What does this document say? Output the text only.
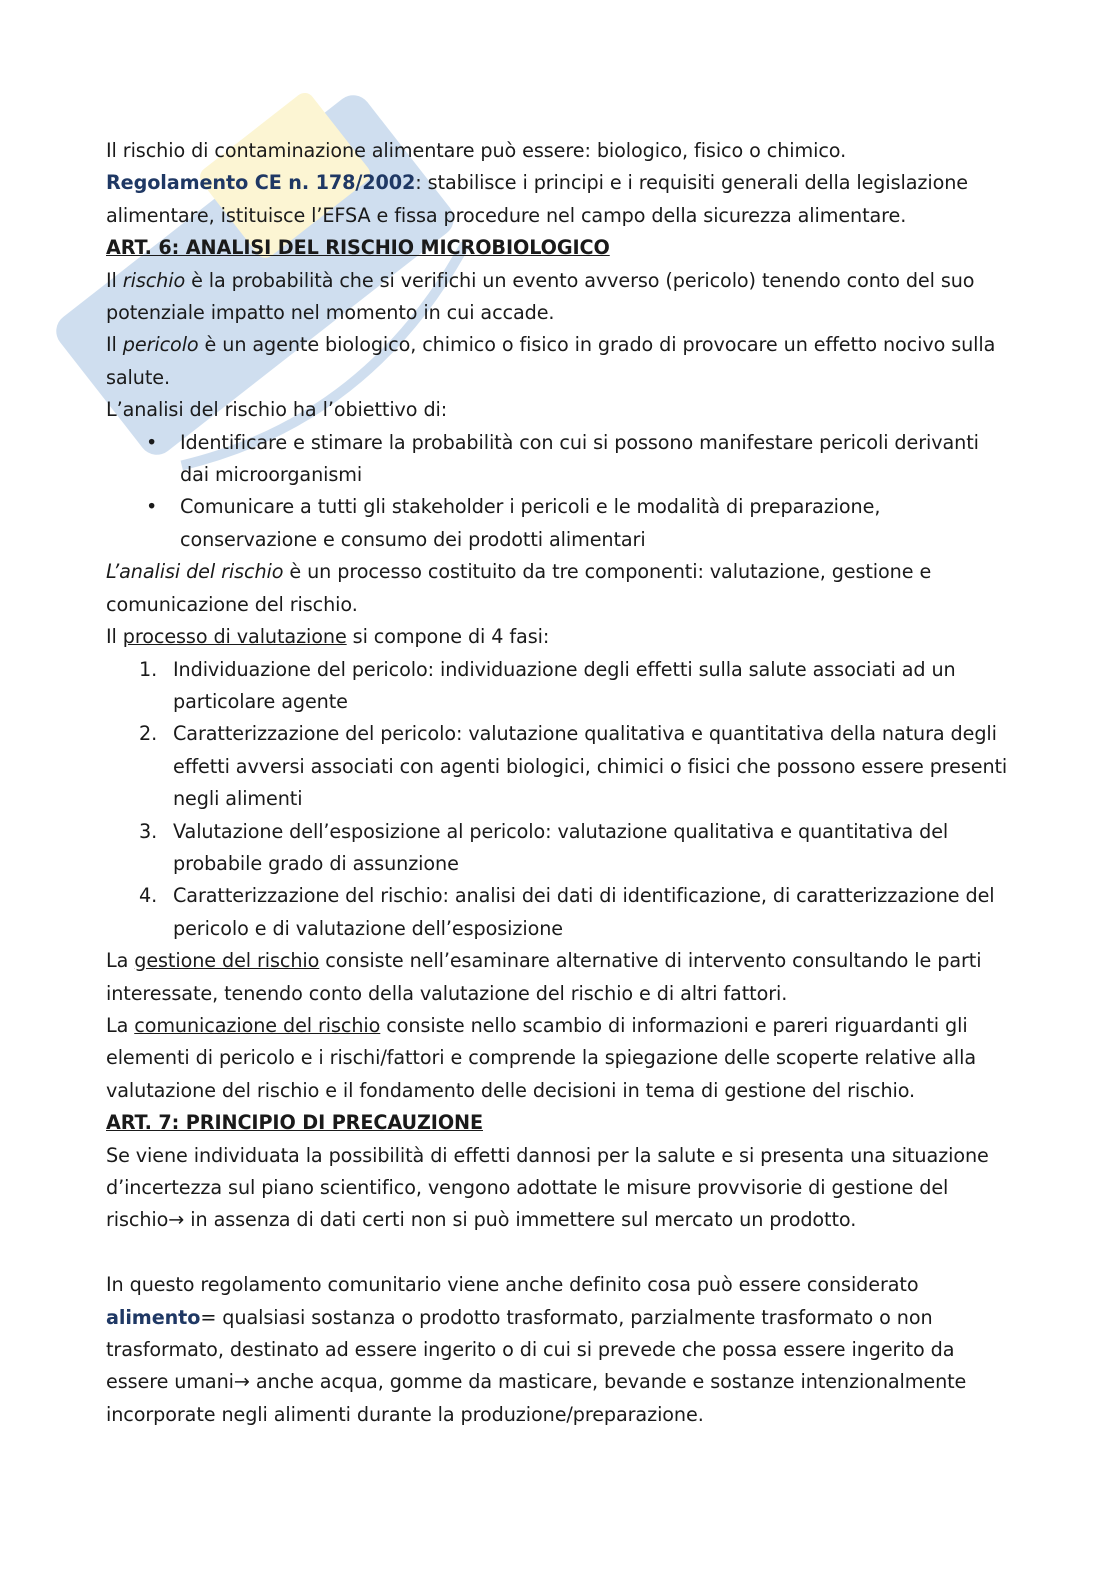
Il rischio di contaminazione alimentare può essere: biologico, fisico o chimico.

Regolamento CE n. 178/2002: stabilisce i principi e i requisiti generali della legislazione alimentare, istituisce l’EFSA e fissa procedure nel campo della sicurezza alimentare.

ART. 6: ANALISI DEL RISCHIO MICROBIOLOGICO

Il rischio è la probabilità che si verifichi un evento avverso (pericolo) tenendo conto del suo potenziale impatto nel momento in cui accade.

Il pericolo è un agente biologico, chimico o fisico in grado di provocare un effetto nocivo sulla salute.

L’analisi del rischio ha l’obiettivo di:

• Identificare e stimare la probabilità con cui si possono manifestare pericoli derivanti dai microorganismi
• Comunicare a tutti gli stakeholder i pericoli e le modalità di preparazione, conservazione e consumo dei prodotti alimentari

L’analisi del rischio è un processo costituito da tre componenti: valutazione, gestione e comunicazione del rischio.

Il processo di valutazione si compone di 4 fasi:

1. Individuazione del pericolo: individuazione degli effetti sulla salute associati ad un particolare agente
2. Caratterizzazione del pericolo: valutazione qualitativa e quantitativa della natura degli effetti avversi associati con agenti biologici, chimici o fisici che possono essere presenti negli alimenti
3. Valutazione dell’esposizione al pericolo: valutazione qualitativa e quantitativa del probabile grado di assunzione
4. Caratterizzazione del rischio: analisi dei dati di identificazione, di caratterizzazione del pericolo e di valutazione dell’esposizione

La gestione del rischio consiste nell’esaminare alternative di intervento consultando le parti interessate, tenendo conto della valutazione del rischio e di altri fattori.

La comunicazione del rischio consiste nello scambio di informazioni e pareri riguardanti gli elementi di pericolo e i rischi/fattori e comprende la spiegazione delle scoperte relative alla valutazione del rischio e il fondamento delle decisioni in tema di gestione del rischio.

ART. 7: PRINCIPIO DI PRECAUZIONE

Se viene individuata la possibilità di effetti dannosi per la salute e si presenta una situazione d’incertezza sul piano scientifico, vengono adottate le misure provvisorie di gestione del rischio→ in assenza di dati certi non si può immettere sul mercato un prodotto.

In questo regolamento comunitario viene anche definito cosa può essere considerato alimento= qualsiasi sostanza o prodotto trasformato, parzialmente trasformato o non trasformato, destinato ad essere ingerito o di cui si prevede che possa essere ingerito da essere umani→ anche acqua, gomme da masticare, bevande e sostanze intenzionalmente incorporate negli alimenti durante la produzione/preparazione.
